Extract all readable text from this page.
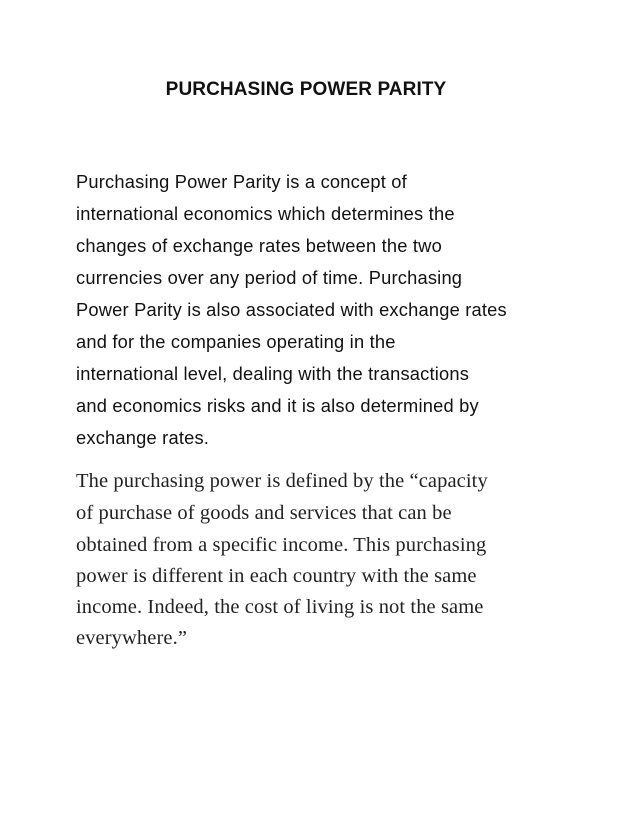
PURCHASING POWER PARITY

Purchasing Power Parity is a concept of

international economics which determines the

changes of exchange rates between the two

currencies over any period of time. Purchasing

Power Parity is also associated with exchange rates

and for the companies operating in the

international level, dealing with the transactions

and economics risks and it is also determined by

exchange rates.

The purchasing power is defined by the “capacity

of purchase of goods and services that can be

obtained from a specific income. This purchasing

power is different in each country with the same

income. Indeed, the cost of living is not the same

everywhere.”
